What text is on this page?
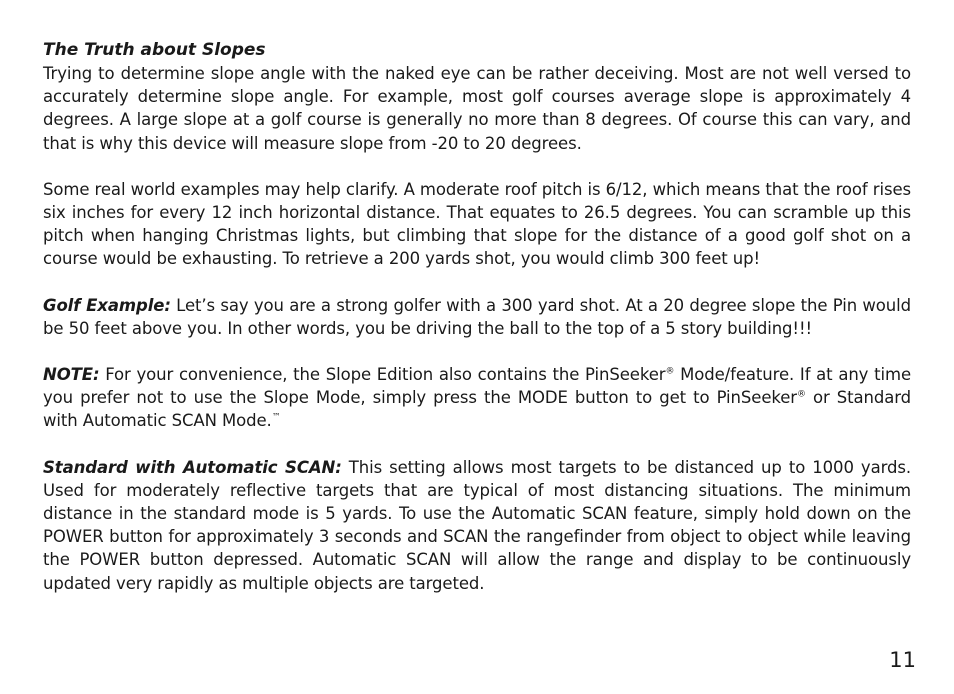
The Truth about Slopes

Trying to determine slope angle with the naked eye can be rather deceiving. Most are not well versed to accurately determine slope angle. For example, most golf courses average slope is approximately 4 degrees. A large slope at a golf course is generally no more than 8 degrees. Of course this can vary, and that is why this device will measure slope from -20 to 20 degrees.

Some real world examples may help clarify. A moderate roof pitch is 6/12, which means that the roof rises six inches for every 12 inch horizontal distance. That equates to 26.5 degrees. You can scramble up this pitch when hanging Christmas lights, but climbing that slope for the distance of a good golf shot on a course would be exhausting. To retrieve a 200 yards shot, you would climb 300 feet up!

Golf Example: Let’s say you are a strong golfer with a 300 yard shot. At a 20 degree slope the Pin would be 50 feet above you. In other words, you be driving the ball to the top of a 5 story building!!!

NOTE: For your convenience, the Slope Edition also contains the PinSeeker® Mode/feature. If at any time you prefer not to use the Slope Mode, simply press the MODE button to get to PinSeeker® or Standard with Automatic SCAN Mode.™

Standard with Automatic SCAN: This setting allows most targets to be distanced up to 1000 yards. Used for moderately reflective targets that are typical of most distancing situations. The minimum distance in the standard mode is 5 yards. To use the Automatic SCAN feature, simply hold down on the POWER button for approximately 3 seconds and SCAN the rangefinder from object to object while leaving the POWER button depressed. Automatic SCAN will allow the range and display to be continuously updated very rapidly as multiple objects are targeted.

11
